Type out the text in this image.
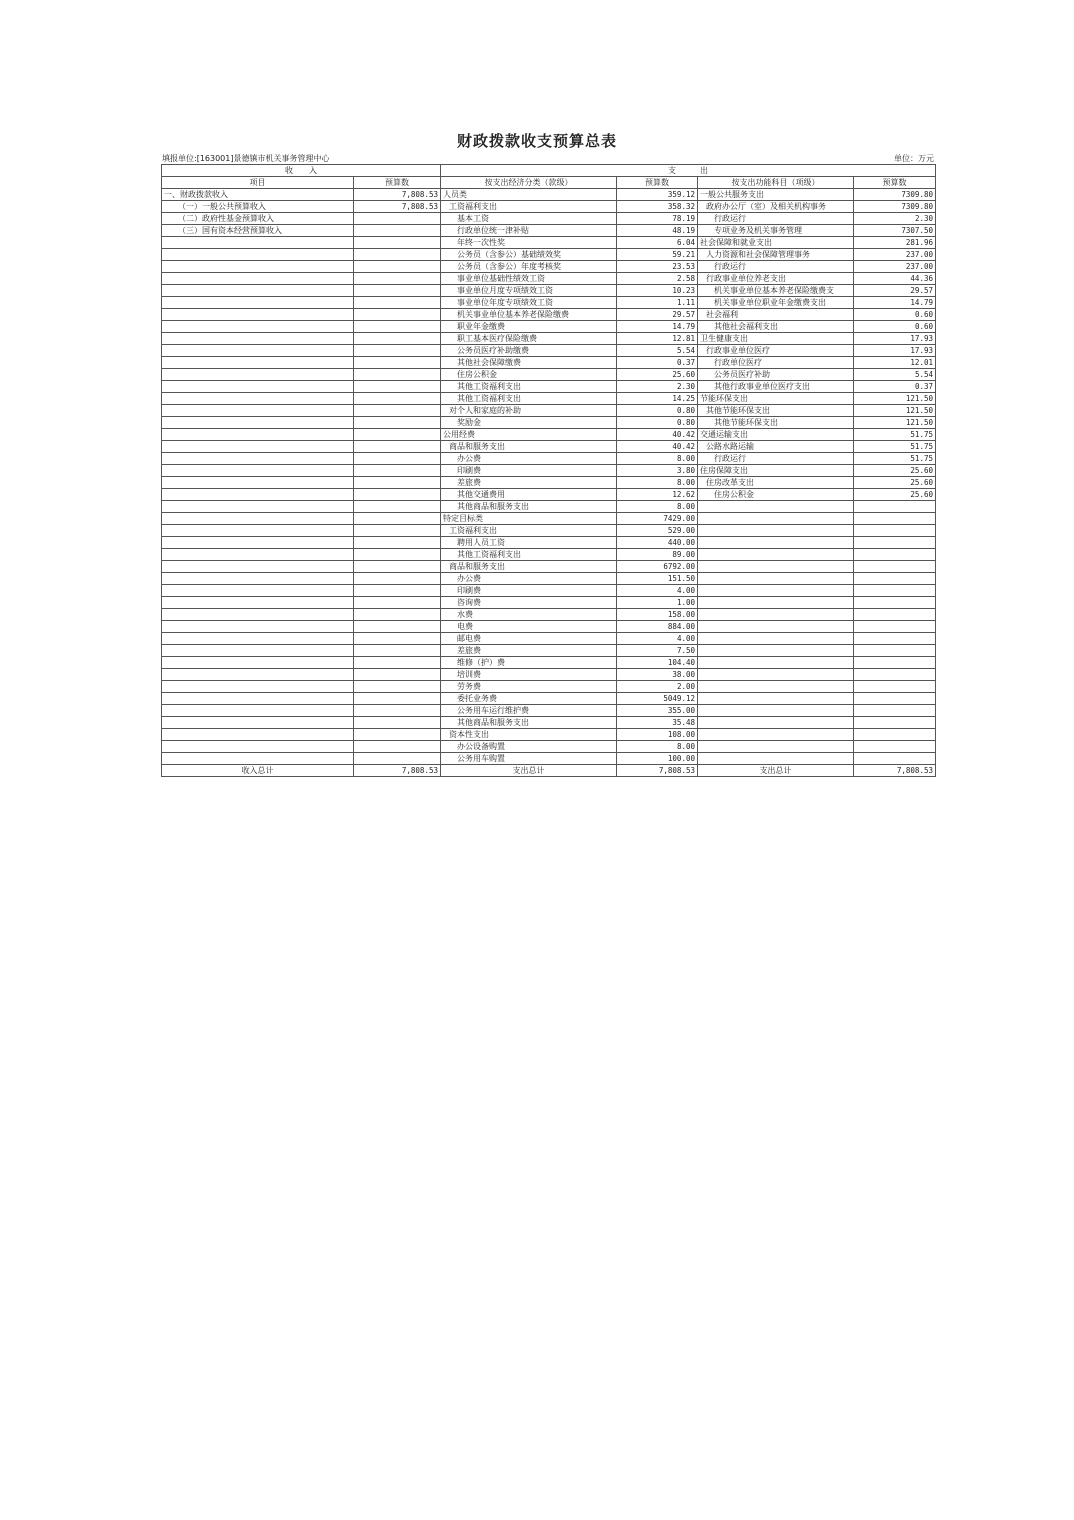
财政拨款收支预算总表
填报单位:[163001]景德镇市机关事务管理中心	单位：万元
收　　入		支　　　出			
项目	预算数	按支出经济分类（款级）	预算数	按支出功能科目（项级）	预算数
一、财政拨款收入	7,808.53	人员类	359.12	一般公共服务支出	7309.80
（一）一般公共预算收入	7,808.53	工资福利支出	358.32	政府办公厅（室）及相关机构事务	7309.80
（二）政府性基金预算收入		基本工资	78.19	行政运行	2.30
（三）国有资本经营预算收入		行政单位统一津补贴	48.19	专项业务及机关事务管理	7307.50
		年终一次性奖	6.04	社会保障和就业支出	281.96
		公务员（含参公）基础绩效奖	59.21	人力资源和社会保障管理事务	237.00
		公务员（含参公）年度考核奖	23.53	行政运行	237.00
		事业单位基础性绩效工资	2.58	行政事业单位养老支出	44.36
		事业单位月度专项绩效工资	10.23	机关事业单位基本养老保险缴费支	29.57
		事业单位年度专项绩效工资	1.11	机关事业单位职业年金缴费支出	14.79
		机关事业单位基本养老保险缴费	29.57	社会福利	0.60
		职业年金缴费	14.79	其他社会福利支出	0.60
		职工基本医疗保险缴费	12.81	卫生健康支出	17.93
		公务员医疗补助缴费	5.54	行政事业单位医疗	17.93
		其他社会保障缴费	0.37	行政单位医疗	12.01
		住房公积金	25.60	公务员医疗补助	5.54
		其他工资福利支出	2.30	其他行政事业单位医疗支出	0.37
		其他工资福利支出	14.25	节能环保支出	121.50
		对个人和家庭的补助	0.80	其他节能环保支出	121.50
		奖励金	0.80	其他节能环保支出	121.50
		公用经费	40.42	交通运输支出	51.75
		商品和服务支出	40.42	公路水路运输	51.75
		办公费	8.00	行政运行	51.75
		印刷费	3.80	住房保障支出	25.60
		差旅费	8.00	住房改革支出	25.60
		其他交通费用	12.62	住房公积金	25.60
		其他商品和服务支出	8.00		
		特定目标类	7429.00		
		工资福利支出	529.00		
		聘用人员工资	440.00		
		其他工资福利支出	89.00		
		商品和服务支出	6792.00		
		办公费	151.50		
		印刷费	4.00		
		咨询费	1.00		
		水费	158.00		
		电费	884.00		
		邮电费	4.00		
		差旅费	7.50		
		维修（护）费	104.40		
		培训费	38.00		
		劳务费	2.00		
		委托业务费	5049.12		
		公务用车运行维护费	355.00		
		其他商品和服务支出	35.48		
		资本性支出	108.00		
		办公设备购置	8.00		
		公务用车购置	100.00		
收入总计	7,808.53	支出总计	7,808.53	支出总计	7,808.53
